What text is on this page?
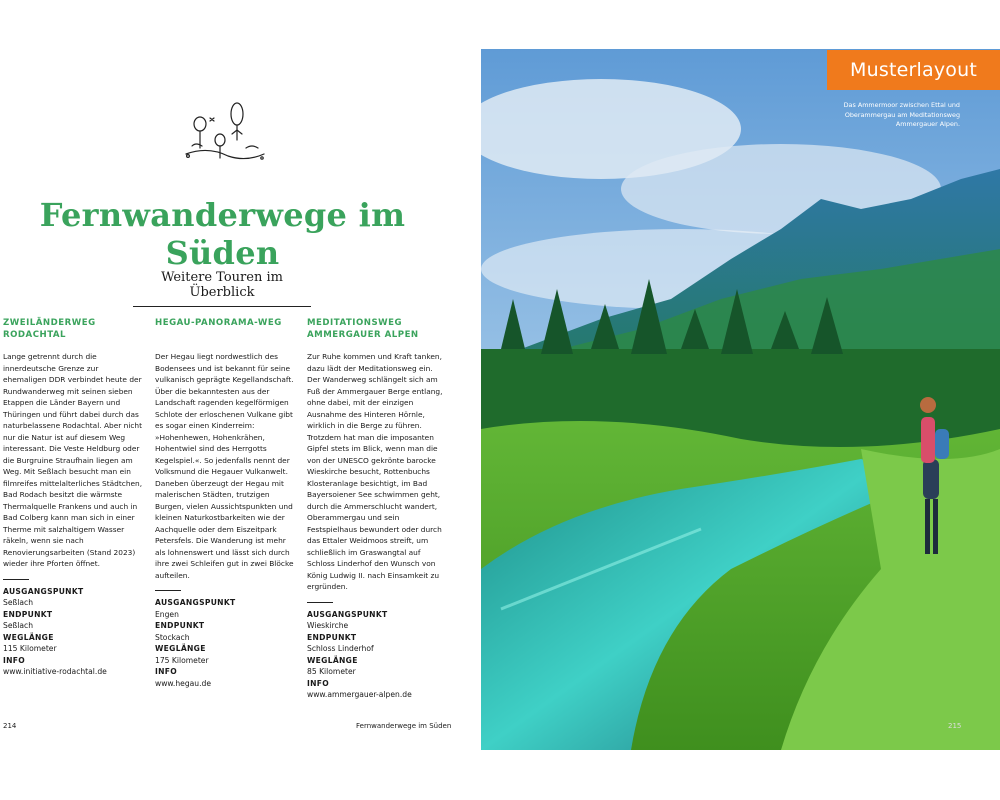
Fernwanderwege im Süden
Weitere Touren im Überblick
ZWEILÄNDERWEG
RODACHTAL

Lange getrennt durch die innerdeutsche Grenze zur ehemaligen DDR verbindet heute der Rundwanderweg mit seinen sieben Etappen die Länder Bayern und Thüringen und führt dabei durch das naturbelassene Rodachtal. Aber nicht nur die Natur ist auf diesem Weg interessant. Die Veste Heldburg oder die Burgruine Straufhain liegen am Weg. Mit Seßlach besucht man ein filmreifes mittelalterliches Städtchen, Bad Rodach besitzt die wärmste Thermalquelle Frankens und auch in Bad Colberg kann man sich in einer Therme mit salzhaltigem Wasser räkeln, wenn sie nach Renovierungsarbeiten (Stand 2023) wieder ihre Pforten öffnet.

AUSGANGSPUNKT
Seßlach
ENDPUNKT
Seßlach
WEGLÄNGE
115 Kilometer
INFO
www.initiative-rodachtal.de
HEGAU-PANORAMA-WEG

Der Hegau liegt nordwestlich des Bodensees und ist bekannt für seine vulkanisch geprägte Kegellandschaft. Über die bekanntesten aus der Landschaft ragenden kegelförmigen Schlote der erloschenen Vulkane gibt es sogar einen Kinderreim: »Hohenhewen, Hohenkrähen, Hohentwiel sind des Herrgotts Kegelspiel.«. So jedenfalls nennt der Volksmund die Hegauer Vulkanwelt. Daneben überzeugt der Hegau mit malerischen Städten, trutzigen Burgen, vielen Aussichtspunkten und kleinen Naturkostbarkeiten wie der Aachquelle oder dem Eiszeitpark Petersfels. Die Wanderung ist mehr als lohnenswert und lässt sich durch ihre zwei Schleifen gut in zwei Blöcke aufteilen.

AUSGANGSPUNKT
Engen
ENDPUNKT
Stockach
WEGLÄNGE
175 Kilometer
INFO
www.hegau.de
MEDITATIONSWEG
AMMERGAUER ALPEN

Zur Ruhe kommen und Kraft tanken, dazu lädt der Meditationsweg ein. Der Wanderweg schlängelt sich am Fuß der Ammergauer Berge entlang, ohne dabei, mit der einzigen Ausnahme des Hinteren Hörnle, wirklich in die Berge zu führen. Trotzdem hat man die imposanten Gipfel stets im Blick, wenn man die von der UNESCO gekrönte barocke Wieskirche besucht, Rottenbuchs Klosteranlage besichtigt, im Bad Bayersoiener See schwimmen geht, durch die Ammerschlucht wandert, Oberammergau und sein Festspielhaus bewundert oder durch das Ettaler Weidmoos streift, um schließlich im Graswangtal auf Schloss Linderhof den Wunsch von König Ludwig II. nach Einsamkeit zu ergründen.

AUSGANGSPUNKT
Wieskirche
ENDPUNKT
Schloss Linderhof
WEGLÄNGE
85 Kilometer
INFO
www.ammergauer-alpen.de
214	Fernwanderwege im Süden
Musterlayout
Das Ammermoor zwischen Ettal und Oberammergau am Meditationsweg Ammergauer Alpen.
215
